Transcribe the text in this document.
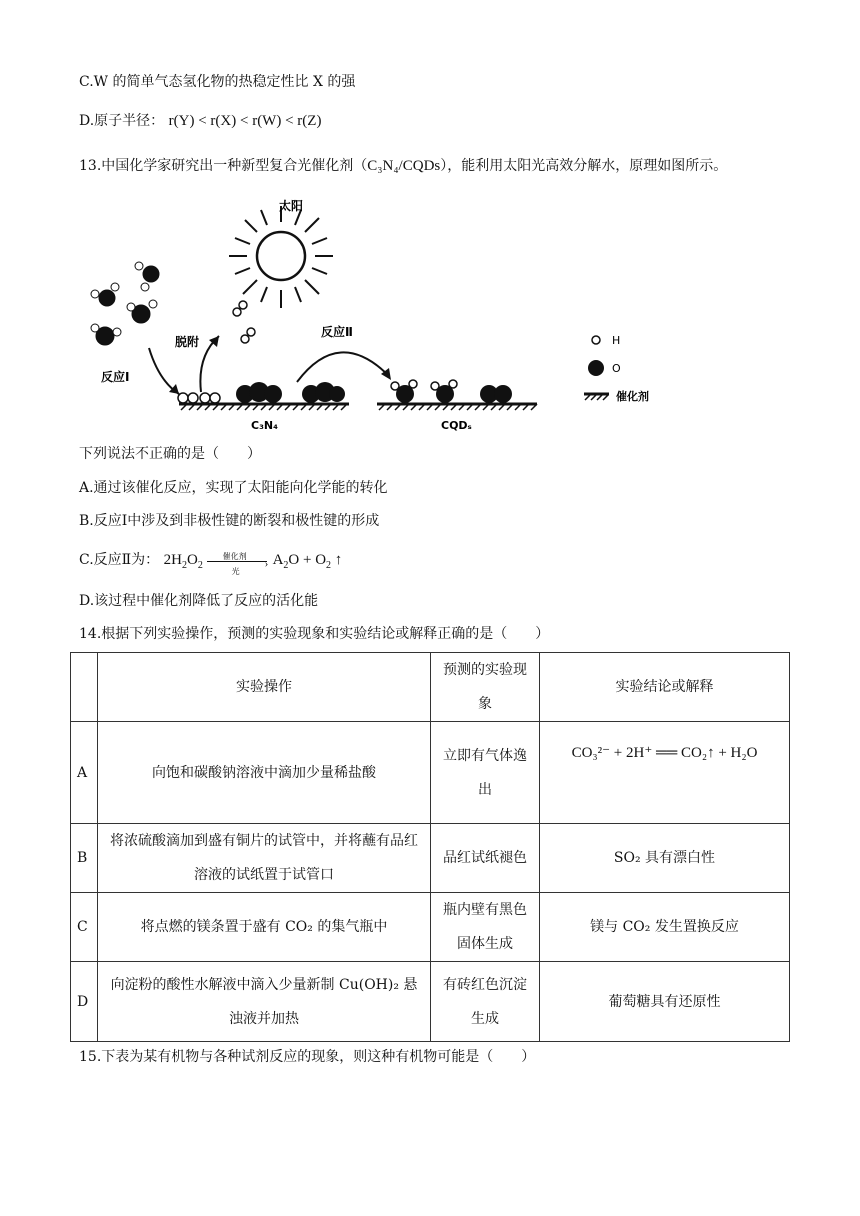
C.W 的简单气态氢化物的热稳定性比 X 的强
D.原子半径： r(Y) < r(X) < r(W) < r(Z)
13.中国化学家研究出一种新型复合光催化剂（C₃N₄/CQDs），能利用太阳光高效分解水，原理如图所示。
太阳
反应Ⅰ
脱附
反应Ⅱ
C₃N₄	CQDₛ
H
O
催化剂
下列说法不正确的是（　　）
A.通过该催化反应，实现了太阳能向化学能的转化
B.反应Ⅰ中涉及到非极性键的断裂和极性键的形成
C.反应Ⅱ为： $2H_2O_2$
催化剂
›
光
$A_2O + O_2$ ↑
D.该过程中催化剂降低了反应的活化能
14.根据下列实验操作，预测的实验现象和实验结论或解释正确的是（　　）
	实验操作	预测的实验现象	实验结论或解释
A	向饱和碳酸钠溶液中滴加少量稀盐酸	立即有气体逸出	CO₃²⁻ + 2H⁺ ══ CO₂↑ + H₂O
B	将浓硫酸滴加到盛有铜片的试管中，并将蘸有品红溶液的试纸置于试管口	品红试纸褪色	SO₂ 具有漂白性
C	将点燃的镁条置于盛有 CO₂ 的集气瓶中	瓶内壁有黑色固体生成	镁与 CO₂ 发生置换反应
D	向淀粉的酸性水解液中滴入少量新制 Cu(OH)₂ 悬浊液并加热	有砖红色沉淀生成	葡萄糖具有还原性
15.下表为某有机物与各种试剂反应的现象，则这种有机物可能是（　　）
